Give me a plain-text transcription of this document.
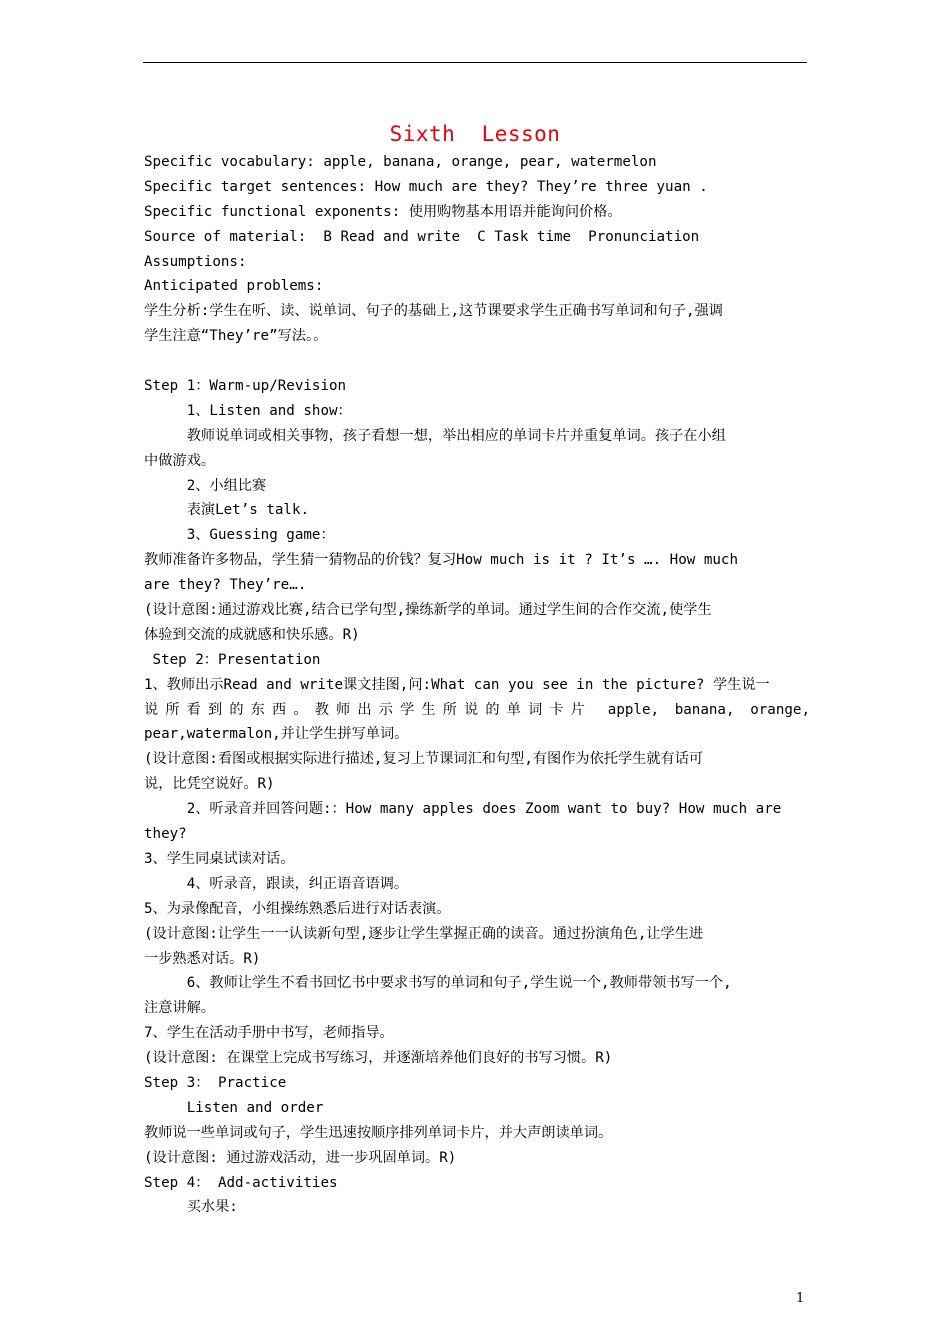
Sixth  Lesson
Specific vocabulary: apple, banana, orange, pear, watermelon
Specific target sentences: How much are they? They’re three yuan .
Specific functional exponents: 使用购物基本用语并能询问价格。
Source of material:  B Read and write  C Task time  Pronunciation
Assumptions:
Anticipated problems:
学生分析:学生在听、读、说单词、句子的基础上,这节课要求学生正确书写单词和句子,强调
学生注意“They’re”写法。。
Step 1：Warm-up/Revision
1、Listen and show：
教师说单词或相关事物，孩子看想一想，举出相应的单词卡片并重复单词。孩子在小组
中做游戏。
2、小组比赛
表演Let’s talk.
3、Guessing game：
教师准备许多物品，学生猜一猜物品的价钱？复习How much is it ? It’s …. How much
are they? They’re….
(设计意图:通过游戏比赛,结合已学句型,操练新学的单词。通过学生间的合作交流,使学生
体验到交流的成就感和快乐感。R)
Step 2：Presentation
1、教师出示Read and write课文挂图,问:What can you see in the picture? 学生说一
说所看到的东西。教师出示学生所说的单词卡片 apple, banana, orange,
pear,watermalon,并让学生拼写单词。
(设计意图:看图或根据实际进行描述,复习上节课词汇和句型,有图作为依托学生就有话可
说，比凭空说好。R)
2、听录音并回答问题:：How many apples does Zoom want to buy? How much are
they?
3、学生同桌试读对话。
4、听录音，跟读，纠正语音语调。
5、为录像配音，小组操练熟悉后进行对话表演。
(设计意图:让学生一一认读新句型,逐步让学生掌握正确的读音。通过扮演角色,让学生进
一步熟悉对话。R)
6、教师让学生不看书回忆书中要求书写的单词和句子,学生说一个,教师带领书写一个,
注意讲解。
7、学生在活动手册中书写，老师指导。
(设计意图: 在课堂上完成书写练习，并逐渐培养他们良好的书写习惯。R)
Step 3： Practice
Listen and order
教师说一些单词或句子，学生迅速按顺序排列单词卡片，并大声朗读单词。
(设计意图: 通过游戏活动，进一步巩固单词。R)
Step 4： Add-activities
买水果:
1
